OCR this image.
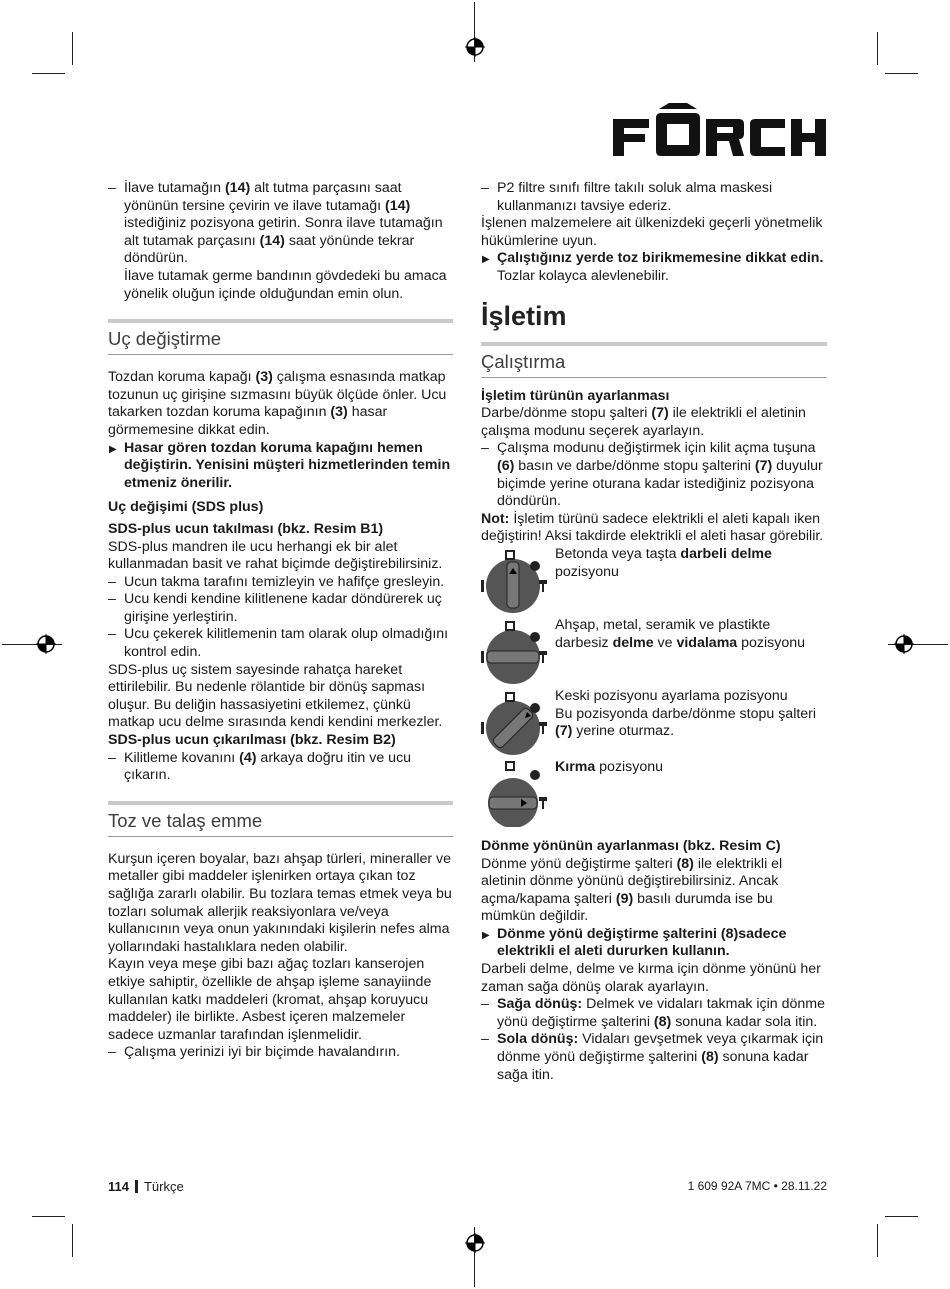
– İlave tutamağın (14) alt tutma parçasını saat yönünün tersine çevirin ve ilave tutamağı (14) istediğiniz pozisyona getirin. Sonra ilave tutamağın alt tutamak parçasını (14) saat yönünde tekrar döndürün.
İlave tutamak germe bandının gövdedeki bu amaca yönelik oluğun içinde olduğundan emin olun.
Uç değiştirme

Tozdan koruma kapağı (3) çalışma esnasında matkap tozunun uç girişine sızmasını büyük ölçüde önler. Ucu takarken tozdan koruma kapağının (3) hasar görmemesine dikkat edin.

▶ Hasar gören tozdan koruma kapağını hemen değiştirin. Yenisini müşteri hizmetlerinden temin etmeniz önerilir.

Uç değişimi (SDS plus)

SDS-plus ucun takılması (bkz. Resim B1)

SDS-plus mandren ile ucu herhangi ek bir alet kullanmadan basit ve rahat biçimde değiştirebilirsiniz.

– Ucun takma tarafını temizleyin ve hafifçe gresleyin.
– Ucu kendi kendine kilitlenene kadar döndürerek uç girişine yerleştirin.
– Ucu çekerek kilitlemenin tam olarak olup olmadığını kontrol edin.

SDS-plus uç sistem sayesinde rahatça hareket ettirilebilir. Bu nedenle rölantide bir dönüş sapması oluşur. Bu deliğin hassasiyetini etkilemez, çünkü matkap ucu delme sırasında kendi kendini merkezler.

SDS-plus ucun çıkarılması (bkz. Resim B2)

– Kilitleme kovanını (4) arkaya doğru itin ve ucu çıkarın.
Toz ve talaş emme

Kurşun içeren boyalar, bazı ahşap türleri, mineraller ve metaller gibi maddeler işlenirken ortaya çıkan toz sağlığa zararlı olabilir. Bu tozlara temas etmek veya bu tozları solumak allerjik reaksiyonlara ve/veya kullanıcının veya onun yakınındaki kişilerin nefes alma yollarındaki hastalıklara neden olabilir.

Kayın veya meşe gibi bazı ağaç tozları kanserojen etkiye sahiptir, özellikle de ahşap işleme sanayiinde kullanılan katkı maddeleri (kromat, ahşap koruyucu maddeler) ile birlikte. Asbest içeren malzemeler sadece uzmanlar tarafından işlenmelidir.

– Çalışma yerinizi iyi bir biçimde havalandırın.
– P2 filtre sınıfı filtre takılı soluk alma maskesi kullanmanızı tavsiye ederiz.

İşlenen malzemelere ait ülkenizdeki geçerli yönetmelik hükümlerine uyun.

▶ Çalıştığınız yerde toz birikmemesine dikkat edin. Tozlar kolayca alevlenebilir.
İşletim
Çalıştırma

İşletim türünün ayarlanması

Darbe/dönme stopu şalteri (7) ile elektrikli el aletinin çalışma modunu seçerek ayarlayın.

– Çalışma modunu değiştirmek için kilit açma tuşuna (6) basın ve darbe/dönme stopu şalterini (7) duyulur biçimde yerine oturana kadar istediğiniz pozisyona döndürün.

Not: İşletim türünü sadece elektrikli el aleti kapalı iken değiştirin! Aksi takdirde elektrikli el aleti hasar görebilir.

Betonda veya taşta darbeli delme pozisyonu
Ahşap, metal, seramik ve plastikte darbesiz delme ve vidalama pozisyonu
Keski pozisyonu ayarlama pozisyonu
Bu pozisyonda darbe/dönme stopu şalteri (7) yerine oturmaz.
Kırma pozisyonu

Dönme yönünün ayarlanması (bkz. Resim C)

Dönme yönü değiştirme şalteri (8) ile elektrikli el aletinin dönme yönünü değiştirebilirsiniz. Ancak açma/kapama şalteri (9) basılı durumda ise bu mümkün değildir.

▶ Dönme yönü değiştirme şalterini (8)sadece elektrikli el aleti dururken kullanın.

Darbeli delme, delme ve kırma için dönme yönünü her zaman sağa dönüş olarak ayarlayın.

– Sağa dönüş: Delmek ve vidaları takmak için dönme yönü değiştirme şalterini (8) sonuna kadar sola itin.
– Sola dönüş: Vidaları gevşetmek veya çıkarmak için dönme yönü değiştirme şalterini (8) sonuna kadar sağa itin.
114 Türkçe	1 609 92A 7MC • 28.11.22
